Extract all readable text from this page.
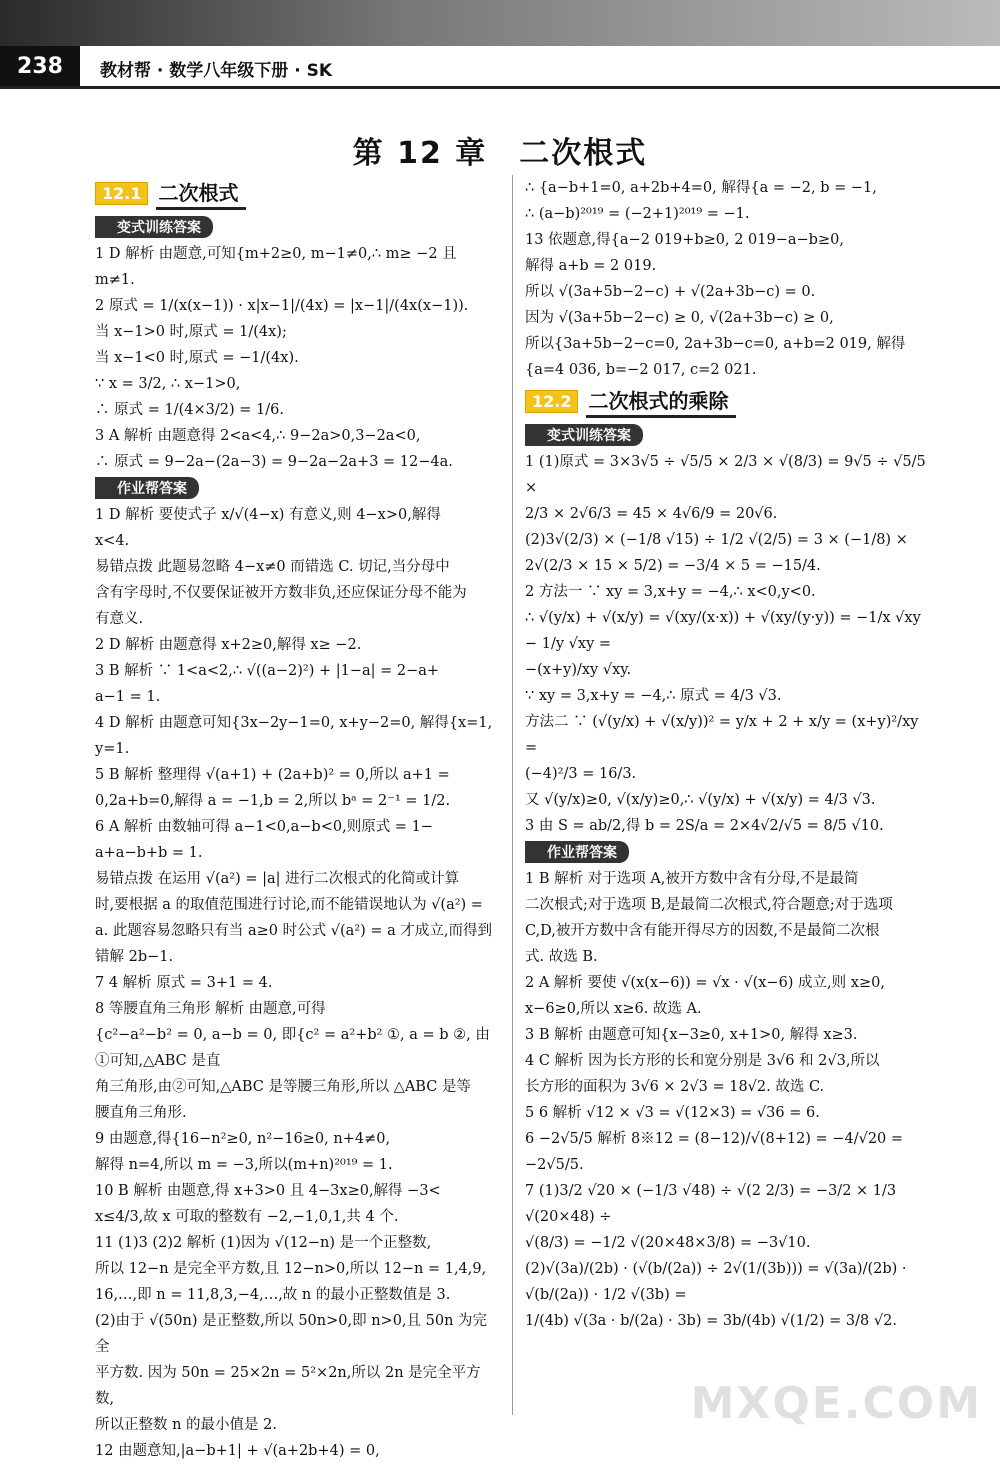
238	教材帮 · 数学八年级下册 · SK
第 12 章　二次根式
12.1 二次根式
变式训练答案
1 D 解析 由题意,可知{m+2≥0, m−1≠0,∴ m≥ −2 且 m≠1.
2 原式 = 1/(x(x−1)) · x|x−1|/(4x) = |x−1|/(4x(x−1)).
当 x−1>0 时,原式 = 1/(4x);
当 x−1<0 时,原式 = −1/(4x).
∵ x = 3/2, ∴ x−1>0,
∴ 原式 = 1/(4×3/2) = 1/6.
3 A 解析 由题意得 2<a<4,∴ 9−2a>0,3−2a<0,
∴ 原式 = 9−2a−(2a−3) = 9−2a−2a+3 = 12−4a.
作业帮答案
1 D 解析 要使式子 x/√(4−x) 有意义,则 4−x>0,解得
x<4.
易错点拨 此题易忽略 4−x≠0 而错选 C. 切记,当分母中
含有字母时,不仅要保证被开方数非负,还应保证分母不能为
有意义.
2 D 解析 由题意得 x+2≥0,解得 x≥ −2.
3 B 解析 ∵ 1<a<2,∴ √((a−2)²) + |1−a| = 2−a+
a−1 = 1.
4 D 解析 由题意可知{3x−2y−1=0, x+y−2=0, 解得{x=1, y=1.
5 B 解析 整理得 √(a+1) + (2a+b)² = 0,所以 a+1 =
0,2a+b=0,解得 a = −1,b = 2,所以 bᵃ = 2⁻¹ = 1/2.
6 A 解析 由数轴可得 a−1<0,a−b<0,则原式 = 1−
a+a−b+b = 1.
易错点拨 在运用 √(a²) = |a| 进行二次根式的化简或计算
时,要根据 a 的取值范围进行讨论,而不能错误地认为 √(a²) =
a. 此题容易忽略只有当 a≥0 时公式 √(a²) = a 才成立,而得到
错解 2b−1.
7 4 解析 原式 = 3+1 = 4.
8 等腰直角三角形 解析 由题意,可得
{c²−a²−b² = 0, a−b = 0, 即{c² = a²+b² ①, a = b ②, 由①可知,△ABC 是直
角三角形,由②可知,△ABC 是等腰三角形,所以 △ABC 是等
腰直角三角形.
9 由题意,得{16−n²≥0, n²−16≥0, n+4≠0,
解得 n=4,所以 m = −3,所以(m+n)²⁰¹⁹ = 1.
10 B 解析 由题意,得 x+3>0 且 4−3x≥0,解得 −3<
x≤4/3,故 x 可取的整数有 −2,−1,0,1,共 4 个.
11 (1)3 (2)2 解析 (1)因为 √(12−n) 是一个正整数,
所以 12−n 是完全平方数,且 12−n>0,所以 12−n = 1,4,9,
16,…,即 n = 11,8,3,−4,…,故 n 的最小正整数值是 3.
(2)由于 √(50n) 是正整数,所以 50n>0,即 n>0,且 50n 为完全
平方数. 因为 50n = 25×2n = 5²×2n,所以 2n 是完全平方数,
所以正整数 n 的最小值是 2.
12 由题意知,|a−b+1| + √(a+2b+4) = 0,
∴ {a−b+1=0, a+2b+4=0, 解得{a = −2, b = −1,
∴ (a−b)²⁰¹⁹ = (−2+1)²⁰¹⁹ = −1.
13 依题意,得{a−2 019+b≥0, 2 019−a−b≥0,
解得 a+b = 2 019.
所以 √(3a+5b−2−c) + √(2a+3b−c) = 0.
因为 √(3a+5b−2−c) ≥ 0, √(2a+3b−c) ≥ 0,
所以{3a+5b−2−c=0, 2a+3b−c=0, a+b=2 019, 解得{a=4 036, b=−2 017, c=2 021.
12.2 二次根式的乘除
变式训练答案
1 (1)原式 = 3×3√5 ÷ √5/5 × 2/3 × √(8/3) = 9√5 ÷ √5/5 ×
2/3 × 2√6/3 = 45 × 4√6/9 = 20√6.
(2)3√(2/3) × (−1/8 √15) ÷ 1/2 √(2/5) = 3 × (−1/8) ×
2√(2/3 × 15 × 5/2) = −3/4 × 5 = −15/4.
2 方法一 ∵ xy = 3,x+y = −4,∴ x<0,y<0.
∴ √(y/x) + √(x/y) = √(xy/(x·x)) + √(xy/(y·y)) = −1/x √xy − 1/y √xy =
−(x+y)/xy √xy.
∵ xy = 3,x+y = −4,∴ 原式 = 4/3 √3.
方法二 ∵ (√(y/x) + √(x/y))² = y/x + 2 + x/y = (x+y)²/xy =
(−4)²/3 = 16/3.
又 √(y/x)≥0, √(x/y)≥0,∴ √(y/x) + √(x/y) = 4/3 √3.
3 由 S = ab/2,得 b = 2S/a = 2×4√2/√5 = 8/5 √10.
作业帮答案
1 B 解析 对于选项 A,被开方数中含有分母,不是最简
二次根式;对于选项 B,是最简二次根式,符合题意;对于选项
C,D,被开方数中含有能开得尽方的因数,不是最简二次根
式. 故选 B.
2 A 解析 要使 √(x(x−6)) = √x · √(x−6) 成立,则 x≥0,
x−6≥0,所以 x≥6. 故选 A.
3 B 解析 由题意可知{x−3≥0, x+1>0, 解得 x≥3.
4 C 解析 因为长方形的长和宽分别是 3√6 和 2√3,所以
长方形的面积为 3√6 × 2√3 = 18√2. 故选 C.
5 6 解析 √12 × √3 = √(12×3) = √36 = 6.
6 −2√5/5 解析 8※12 = (8−12)/√(8+12) = −4/√20 = −2√5/5.
7 (1)3/2 √20 × (−1/3 √48) ÷ √(2 2/3) = −3/2 × 1/3 √(20×48) ÷
√(8/3) = −1/2 √(20×48×3/8) = −3√10.
(2)√(3a)/(2b) · (√(b/(2a)) ÷ 2√(1/(3b))) = √(3a)/(2b) · √(b/(2a)) · 1/2 √(3b) =
1/(4b) √(3a · b/(2a) · 3b) = 3b/(4b) √(1/2) = 3/8 √2.
MXQE.COM
